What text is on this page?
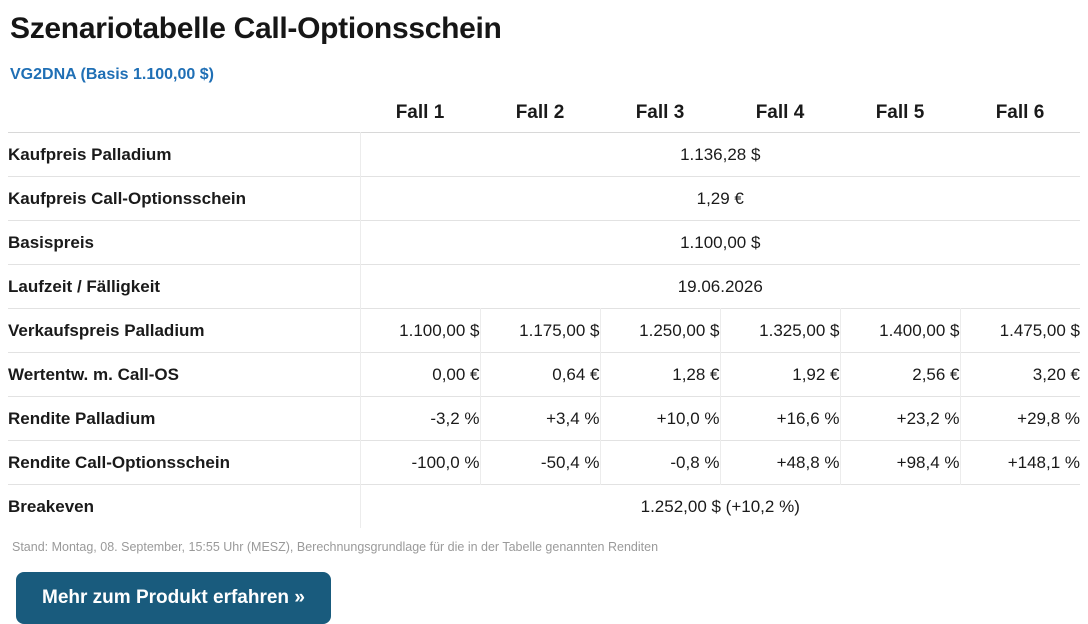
Szenariotabelle Call-Optionsschein
VG2DNA (Basis 1.100,00 $)
	Fall 1	Fall 2	Fall 3	Fall 4	Fall 5	Fall 6
Kaufpreis Palladium	1.136,28 $					
Kaufpreis Call-Optionsschein	1,29 €					
Basispreis	1.100,00 $					
Laufzeit / Fälligkeit	19.06.2026					
Verkaufspreis Palladium	1.100,00 $	1.175,00 $	1.250,00 $	1.325,00 $	1.400,00 $	1.475,00 $
Wertentw. m. Call-OS	0,00 €	0,64 €	1,28 €	1,92 €	2,56 €	3,20 €
Rendite Palladium	-3,2 %	+3,4 %	+10,0 %	+16,6 %	+23,2 %	+29,8 %
Rendite Call-Optionsschein	-100,0 %	-50,4 %	-0,8 %	+48,8 %	+98,4 %	+148,1 %
Breakeven	1.252,00 $ (+10,2 %)					
Stand: Montag, 08. September, 15:55 Uhr (MESZ), Berechnungsgrundlage für die in der Tabelle genannten Renditen
Mehr zum Produkt erfahren »
